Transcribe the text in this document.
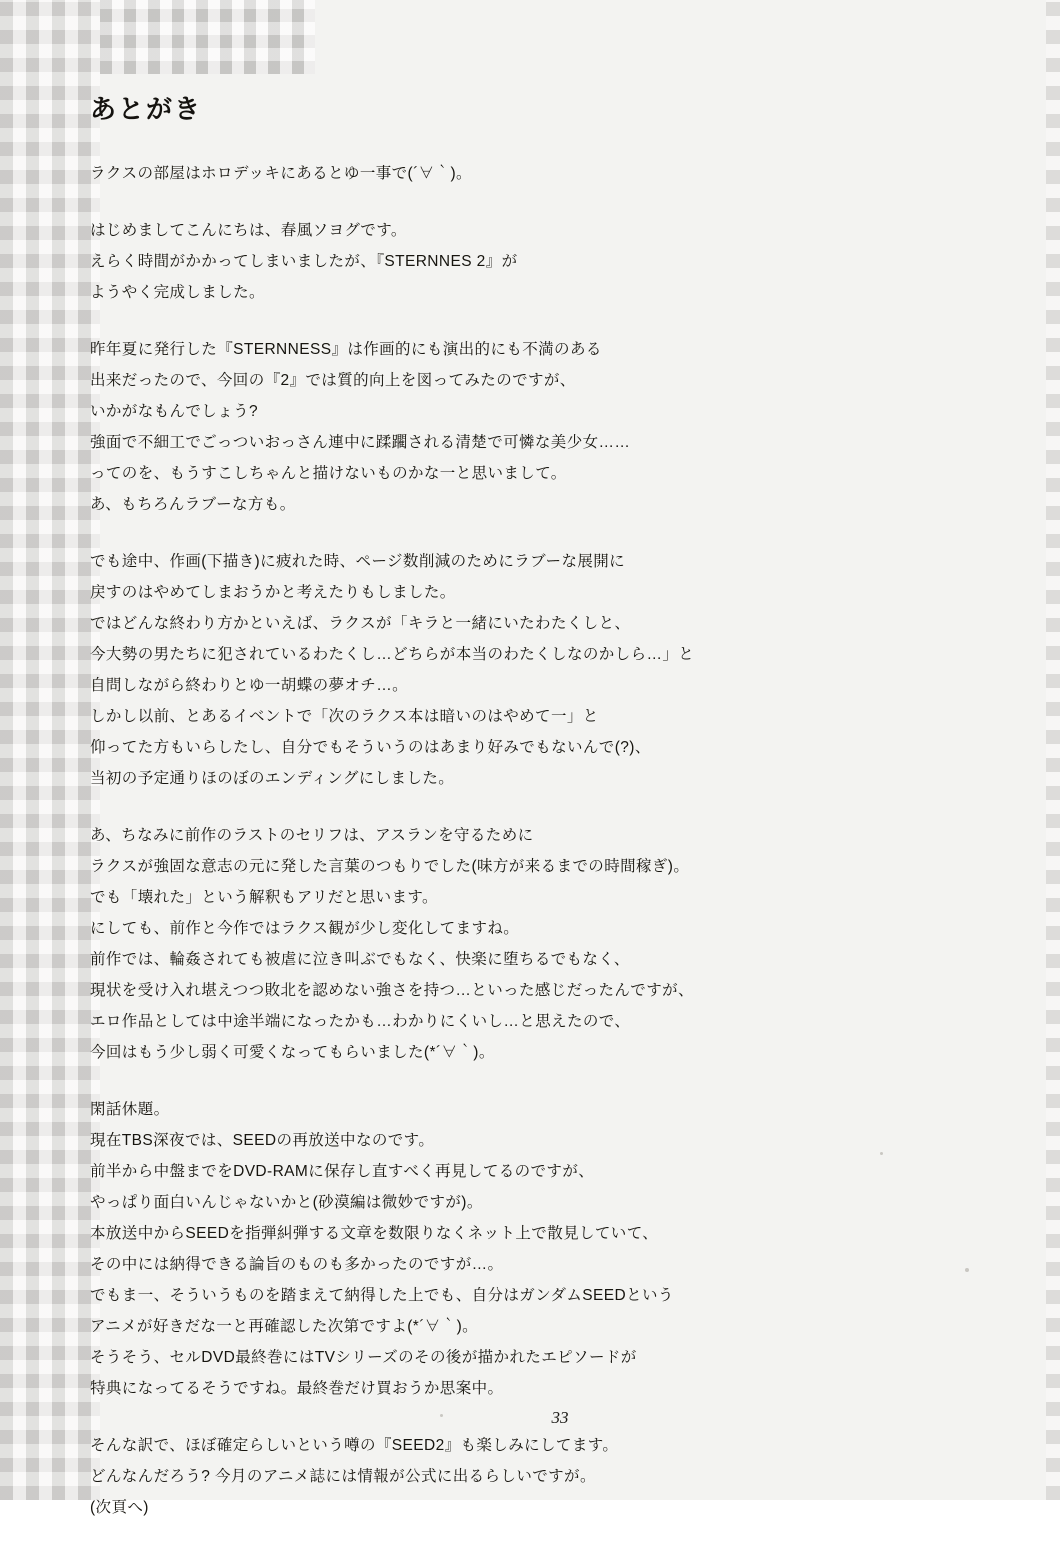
あとがき

ラクスの部屋はホロデッキにあるとゆ一事で(´∀｀)。

はじめましてこんにちは、春風ソヨグです。
えらく時間がかかってしまいましたが、『STERNNES 2』が
ようやく完成しました。

昨年夏に発行した『STERNNESS』は作画的にも演出的にも不満のある
出来だったので、今回の『2』では質的向上を図ってみたのですが、
いかがなもんでしょう?
強面で不細工でごっついおっさん連中に蹂躙される清楚で可憐な美少女……
ってのを、もうすこしちゃんと描けないものかな一と思いまして。
あ、もちろんラブーな方も。

でも途中、作画(下描き)に疲れた時、ページ数削減のためにラブーな展開に
戻すのはやめてしまおうかと考えたりもしました。
ではどんな終わり方かといえば、ラクスが「キラと一緒にいたわたくしと、
今大勢の男たちに犯されているわたくし…どちらが本当のわたくしなのかしら…」と
自問しながら終わりとゆ一胡蝶の夢オチ…。
しかし以前、とあるイベントで「次のラクス本は暗いのはやめて一」と
仰ってた方もいらしたし、自分でもそういうのはあまり好みでもないんで(?)、
当初の予定通りほのぼのエンディングにしました。

あ、ちなみに前作のラストのセリフは、アスランを守るために
ラクスが強固な意志の元に発した言葉のつもりでした(味方が来るまでの時間稼ぎ)。
でも「壊れた」という解釈もアリだと思います。
にしても、前作と今作ではラクス観が少し変化してますね。
前作では、輪姦されても被虐に泣き叫ぶでもなく、快楽に堕ちるでもなく、
現状を受け入れ堪えつつ敗北を認めない強さを持つ…といった感じだったんですが、
エロ作品としては中途半端になったかも…わかりにくいし…と思えたので、
今回はもう少し弱く可愛くなってもらいました(*´∀｀)。

閑話休題。
現在TBS深夜では、SEEDの再放送中なのです。
前半から中盤までをDVD-RAMに保存し直すべく再見してるのですが、
やっぱり面白いんじゃないかと(砂漠編は微妙ですが)。
本放送中からSEEDを指弾糾弾する文章を数限りなくネット上で散見していて、
その中には納得できる論旨のものも多かったのですが…。
でもま一、そういうものを踏まえて納得した上でも、自分はガンダムSEEDという
アニメが好きだな一と再確認した次第ですよ(*´∀｀)。
そうそう、セルDVD最終巻にはTVシリーズのその後が描かれたエピソードが
特典になってるそうですね。最終巻だけ買おうか思案中。

そんな訳で、ほぼ確定らしいという噂の『SEED2』も楽しみにしてます。
どんなんだろう? 今月のアニメ誌には情報が公式に出るらしいですが。
(次頁へ)

33
